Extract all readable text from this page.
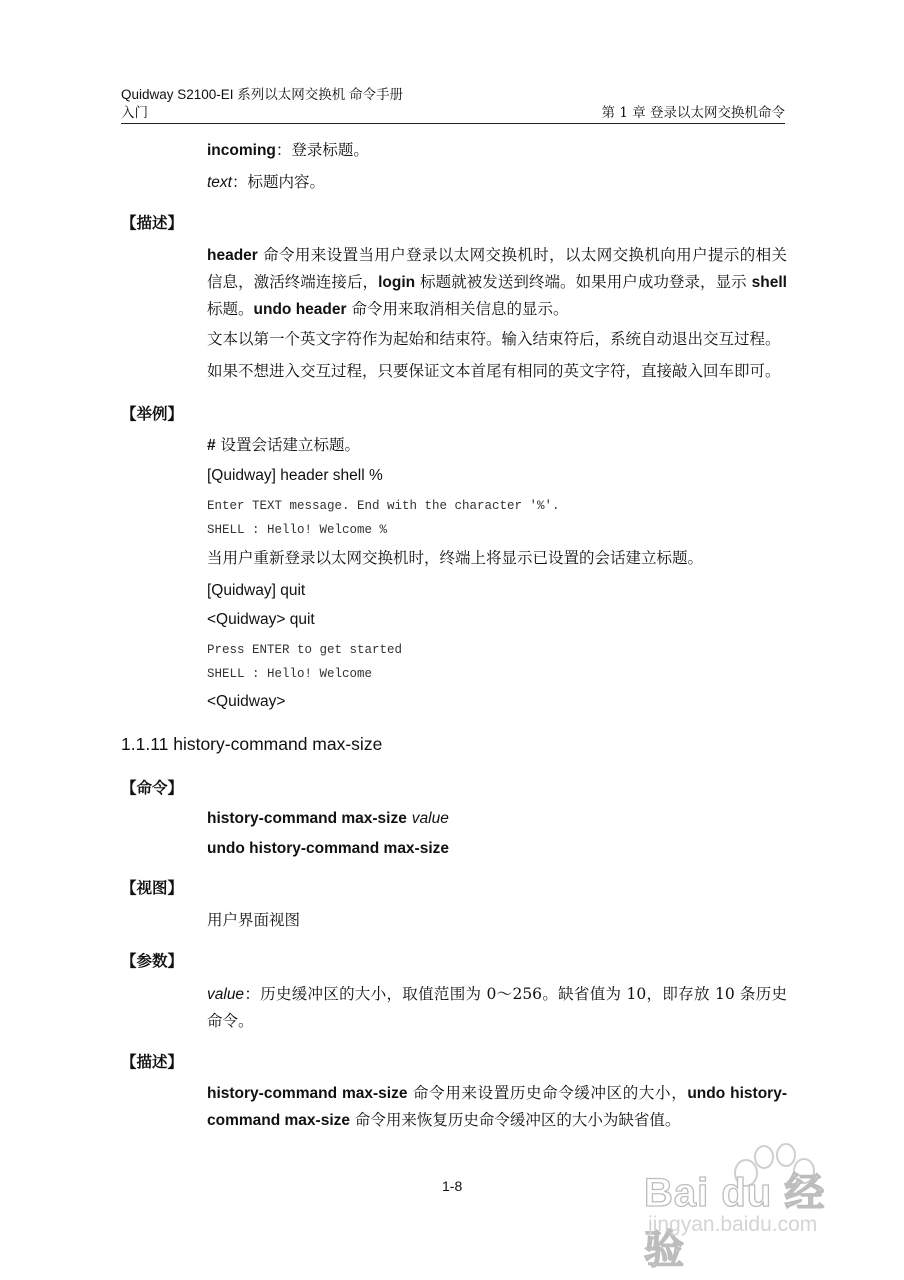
Quidway S2100-EI 系列以太网交换机 命令手册
入门	第 1 章 登录以太网交换机命令
incoming：登录标题。
text：标题内容。
【描述】
header 命令用来设置当用户登录以太网交换机时，以太网交换机向用户提示的相关信息，激活终端连接后，login 标题就被发送到终端。如果用户成功登录，显示 shell 标题。undo header 命令用来取消相关信息的显示。
文本以第一个英文字符作为起始和结束符。输入结束符后，系统自动退出交互过程。
如果不想进入交互过程，只要保证文本首尾有相同的英文字符，直接敲入回车即可。
【举例】
# 设置会话建立标题。
[Quidway] header shell %
Enter TEXT message. End with the character '%'.
SHELL : Hello! Welcome %
当用户重新登录以太网交换机时，终端上将显示已设置的会话建立标题。
[Quidway] quit
<Quidway> quit
Press ENTER to get started
SHELL : Hello! Welcome
<Quidway>
1.1.11 history-command max-size
【命令】
history-command max-size value
undo history-command max-size
【视图】
用户界面视图
【参数】
value：历史缓冲区的大小，取值范围为 0～256。缺省值为 10，即存放 10 条历史命令。
【描述】
history-command max-size 命令用来设置历史命令缓冲区的大小，undo history-command max-size 命令用来恢复历史命令缓冲区的大小为缺省值。
1-8	Bai du 经验
jingyan.baidu.com
